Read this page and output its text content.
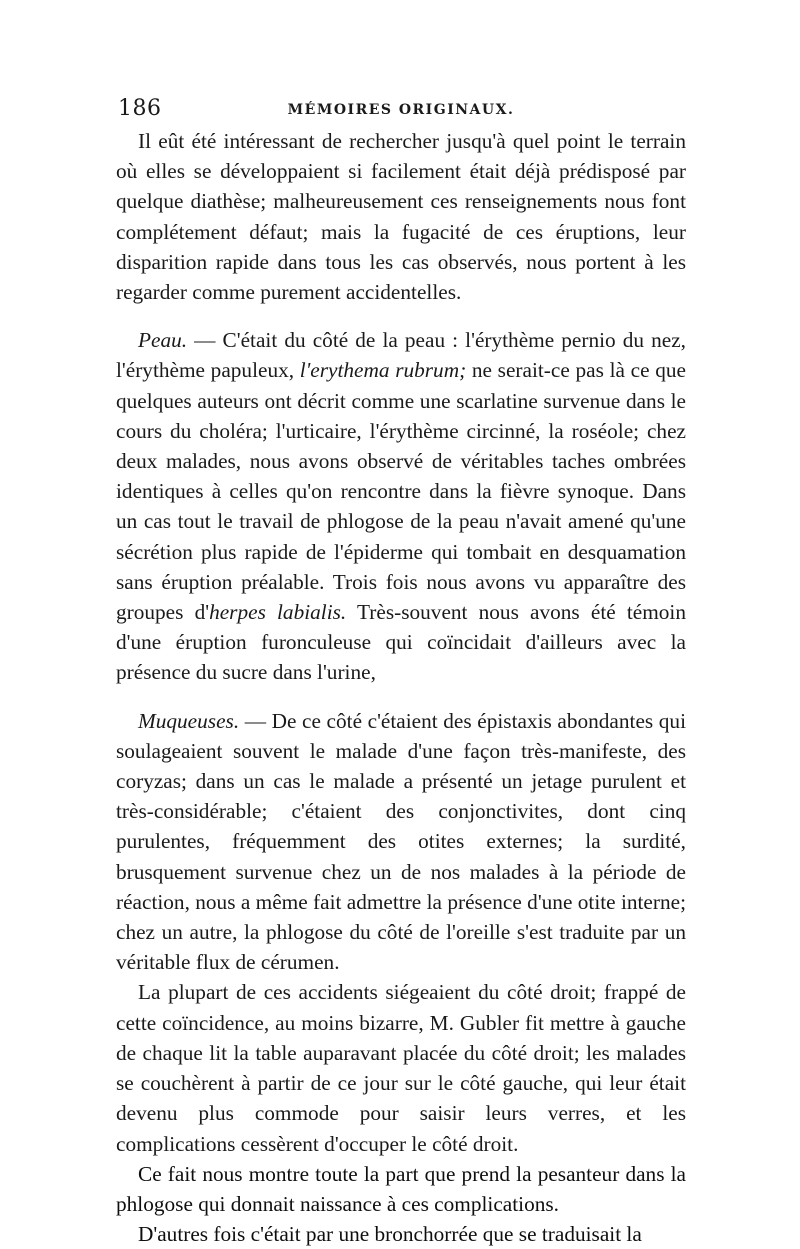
186	MÉMOIRES ORIGINAUX.

Il eût été intéressant de rechercher jusqu'à quel point le terrain où elles se développaient si facilement était déjà prédisposé par quelque diathèse; malheureusement ces renseignements nous font complétement défaut; mais la fugacité de ces éruptions, leur disparition rapide dans tous les cas observés, nous portent à les regarder comme purement accidentelles.

Peau. — C'était du côté de la peau : l'érythème pernio du nez, l'érythème papuleux, l'erythema rubrum; ne serait-ce pas là ce que quelques auteurs ont décrit comme une scarlatine survenue dans le cours du choléra; l'urticaire, l'érythème circinné, la roséole; chez deux malades, nous avons observé de véritables taches ombrées identiques à celles qu'on rencontre dans la fièvre synoque. Dans un cas tout le travail de phlogose de la peau n'avait amené qu'une sécrétion plus rapide de l'épiderme qui tombait en desquamation sans éruption préalable. Trois fois nous avons vu apparaître des groupes d'herpes labialis. Très-souvent nous avons été témoin d'une éruption furonculeuse qui coïncidait d'ailleurs avec la présence du sucre dans l'urine,

Muqueuses. — De ce côté c'étaient des épistaxis abondantes qui soulageaient souvent le malade d'une façon très-manifeste, des coryzas; dans un cas le malade a présenté un jetage purulent et très-considérable; c'étaient des conjonctivites, dont cinq purulentes, fréquemment des otites externes; la surdité, brusquement survenue chez un de nos malades à la période de réaction, nous a même fait admettre la présence d'une otite interne; chez un autre, la phlogose du côté de l'oreille s'est traduite par un véritable flux de cérumen.

La plupart de ces accidents siégeaient du côté droit; frappé de cette coïncidence, au moins bizarre, M. Gubler fit mettre à gauche de chaque lit la table auparavant placée du côté droit; les malades se couchèrent à partir de ce jour sur le côté gauche, qui leur était devenu plus commode pour saisir leurs verres, et les complications cessèrent d'occuper le côté droit.

Ce fait nous montre toute la part que prend la pesanteur dans la phlogose qui donnait naissance à ces complications.

D'autres fois c'était par une bronchorrée que se traduisait la
